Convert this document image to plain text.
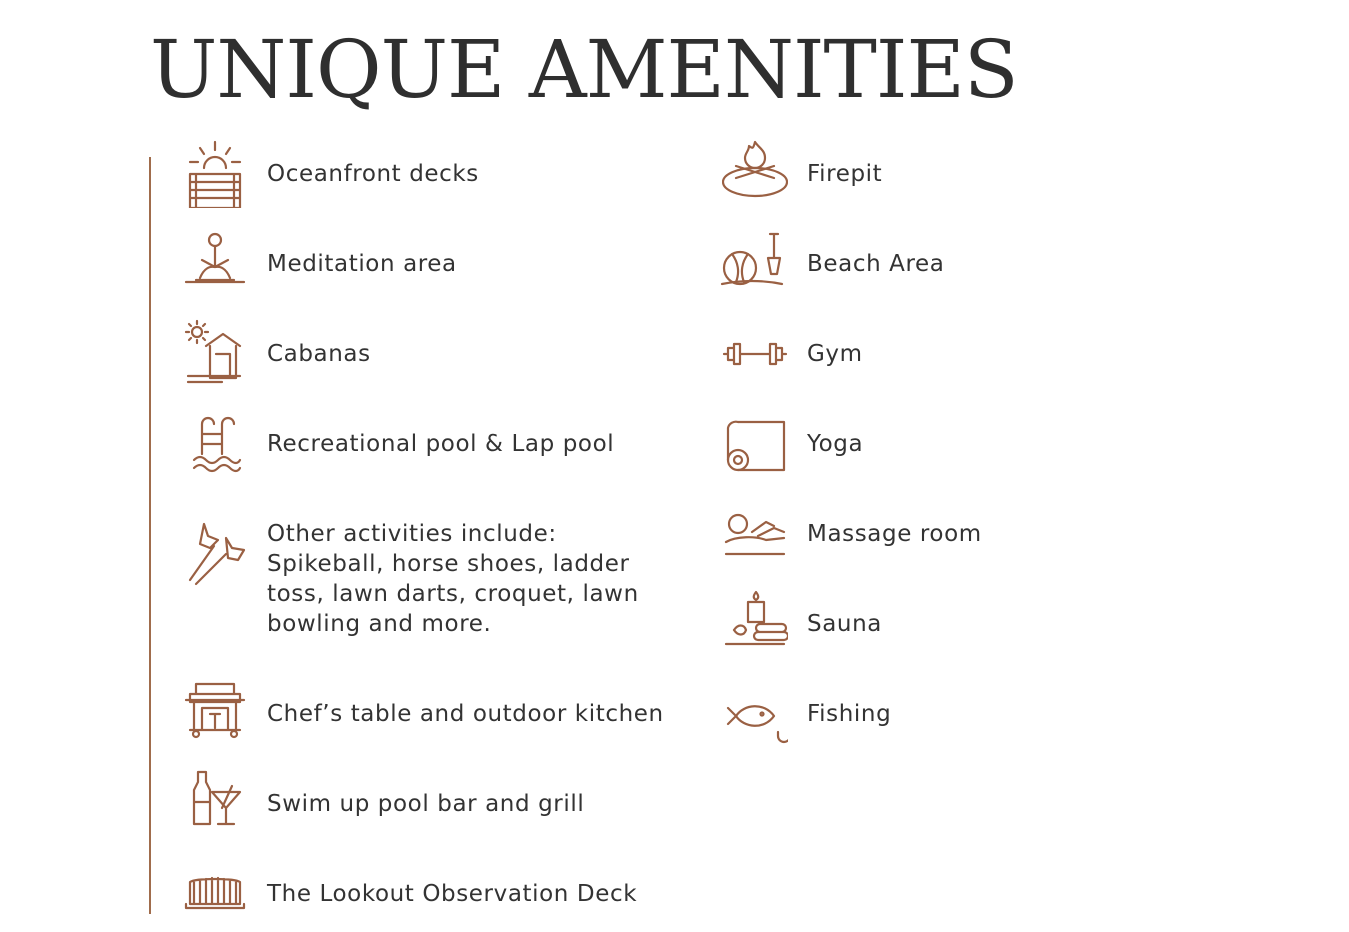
UNIQUE AMENITIES
Oceanfront decks
Meditation area
Cabanas
Recreational pool & Lap pool
Other activities include:
Spikeball, horse shoes, ladder
toss, lawn darts, croquet, lawn
bowling and more.
Chef’s table and outdoor kitchen
Swim up pool bar and grill
The Lookout Observation Deck
Firepit
Beach Area
Gym
Yoga
Massage room
Sauna
Fishing
